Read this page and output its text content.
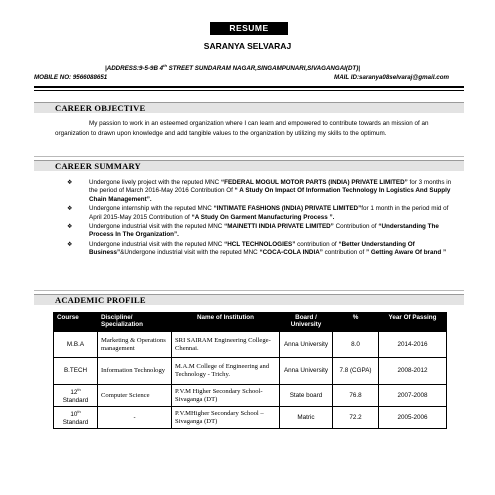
RESUME
SARANYA SELVARAJ
|ADDRESS:9-5-9B 4th STREET SUNDARAM NAGAR,SINGAMPUNARI,SIVAGANGAI(DT)|
MOBILE NO: 9566088651	MAIL ID:saranya08selvaraj@gmail.com
CAREER OBJECTIVE
My passion to work in an esteemed organization where I can learn and empowered to contribute towards an mission of an organization to drawn upon knowledge and add tangible values to the organization by utilizing my skills to the optimum.
CAREER SUMMARY
❖	Undergone lively project with the reputed MNC “FEDERAL MOGUL MOTOR PARTS (INDIA) PRIVATE LIMITED” for 3 months in the period of March 2016-May 2016 Contribution Of “ A Study On Impact Of Information Technology In Logistics And Supply Chain Management”.
❖	Undergone internship with the reputed MNC “INTIMATE FASHIONS (INDIA) PRIVATE LIMITED”for 1 month in the period mid of April 2015-May 2015 Contribution of “A Study On Garment Manufacturing Process ”.
❖	Undergone industrial visit with the reputed MNC “MAINETTI INDIA PRIVATE LIMITED” Contribution of “Understanding The Process In The Organization”.
❖	Undergone industrial visit with the reputed MNC “HCL TECHNOLOGIES” contribution of “Better Understanding Of Business”&Undergone industrial visit with the reputed MNC “COCA-COLA INDIA” contribution of ” Getting Aware Of brand ”
ACADEMIC PROFILE
Course	Discipline/ Specialization	Name of Institution	Board / University	%	Year Of Passing
M.B.A	Marketing & Operations management	SRI SAIRAM Engineering College- Chennai.	Anna University	8.0	2014-2016
B.TECH	Information Technology	M.A.M College of Engineering and Technology - Trichy.	Anna University	7.8 (CGPA)	2008-2012
12th
Standard	Computer Science	P.V.M Higher Secondary School- Sivaganga (DT)	State board	76.8	2007-2008
10th
Standard	-	P.V.MHigher Secondary School –Sivaganga (DT)	Matric	72.2	2005-2006
